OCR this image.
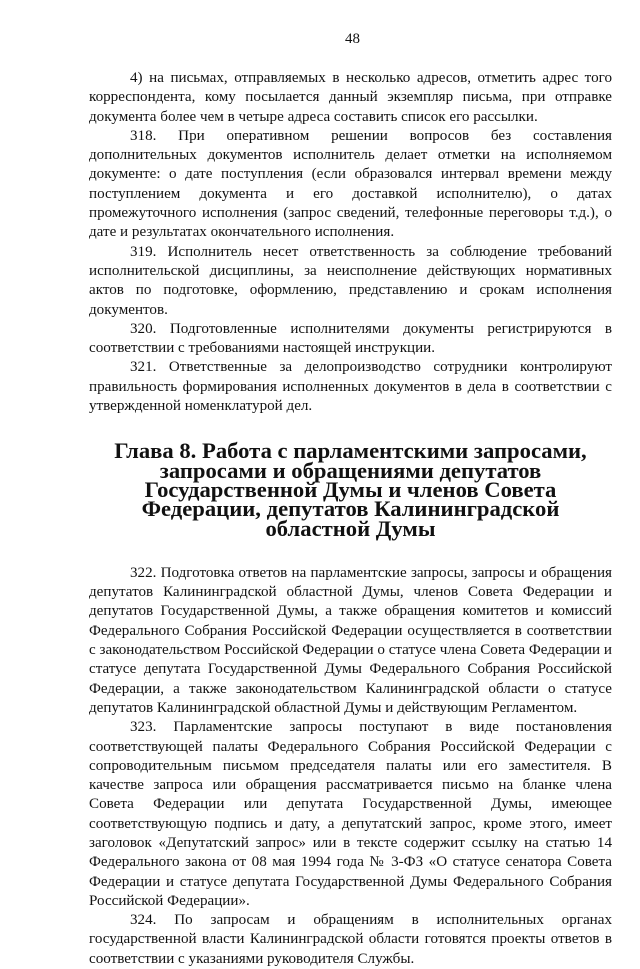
48

4) на письмах, отправляемых в несколько адресов, отметить адрес того корреспондента, кому посылается данный экземпляр письма, при отправке документа более чем в четыре адреса составить список его рассылки.

318. При оперативном решении вопросов без составления дополнительных документов исполнитель делает отметки на исполняемом документе: о дате поступления (если образовался интервал времени между поступлением документа и его доставкой исполнителю), о датах промежуточного исполнения (запрос сведений, телефонные переговоры т.д.), о дате и результатах окончательного исполнения.

319. Исполнитель несет ответственность за соблюдение требований исполнительской дисциплины, за неисполнение действующих нормативных актов по подготовке, оформлению, представлению и срокам исполнения документов.

320. Подготовленные исполнителями документы регистрируются в соответствии с требованиями настоящей инструкции.

321. Ответственные за делопроизводство сотрудники контролируют правильность формирования исполненных документов в дела в соответствии с утвержденной номенклатурой дел.

Глава 8. Работа с парламентскими запросами, запросами и обращениями депутатов Государственной Думы и членов Совета Федерации, депутатов Калининградской областной Думы

322. Подготовка ответов на парламентские запросы, запросы и обращения депутатов Калининградской областной Думы, членов Совета Федерации и депутатов Государственной Думы, а также обращения комитетов и комиссий Федерального Собрания Российской Федерации осуществляется в соответствии с законодательством Российской Федерации о статусе члена Совета Федерации и статусе депутата Государственной Думы Федерального Собрания Российской Федерации, а также законодательством Калининградской области о статусе депутатов Калининградской областной Думы и действующим Регламентом.

323. Парламентские запросы поступают в виде постановления соответствующей палаты Федерального Собрания Российской Федерации с сопроводительным письмом председателя палаты или его заместителя. В качестве запроса или обращения рассматривается письмо на бланке члена Совета Федерации или депутата Государственной Думы, имеющее соответствующую подпись и дату, а депутатский запрос, кроме этого, имеет заголовок «Депутатский запрос» или в тексте содержит ссылку на статью 14 Федерального закона от 08 мая 1994 года № 3-ФЗ «О статусе сенатора Совета Федерации и статусе депутата Государственной Думы Федерального Собрания Российской Федерации».

324. По запросам и обращениям в исполнительных органах государственной власти Калининградской области готовятся проекты ответов в соответствии с указаниями руководителя Службы.
